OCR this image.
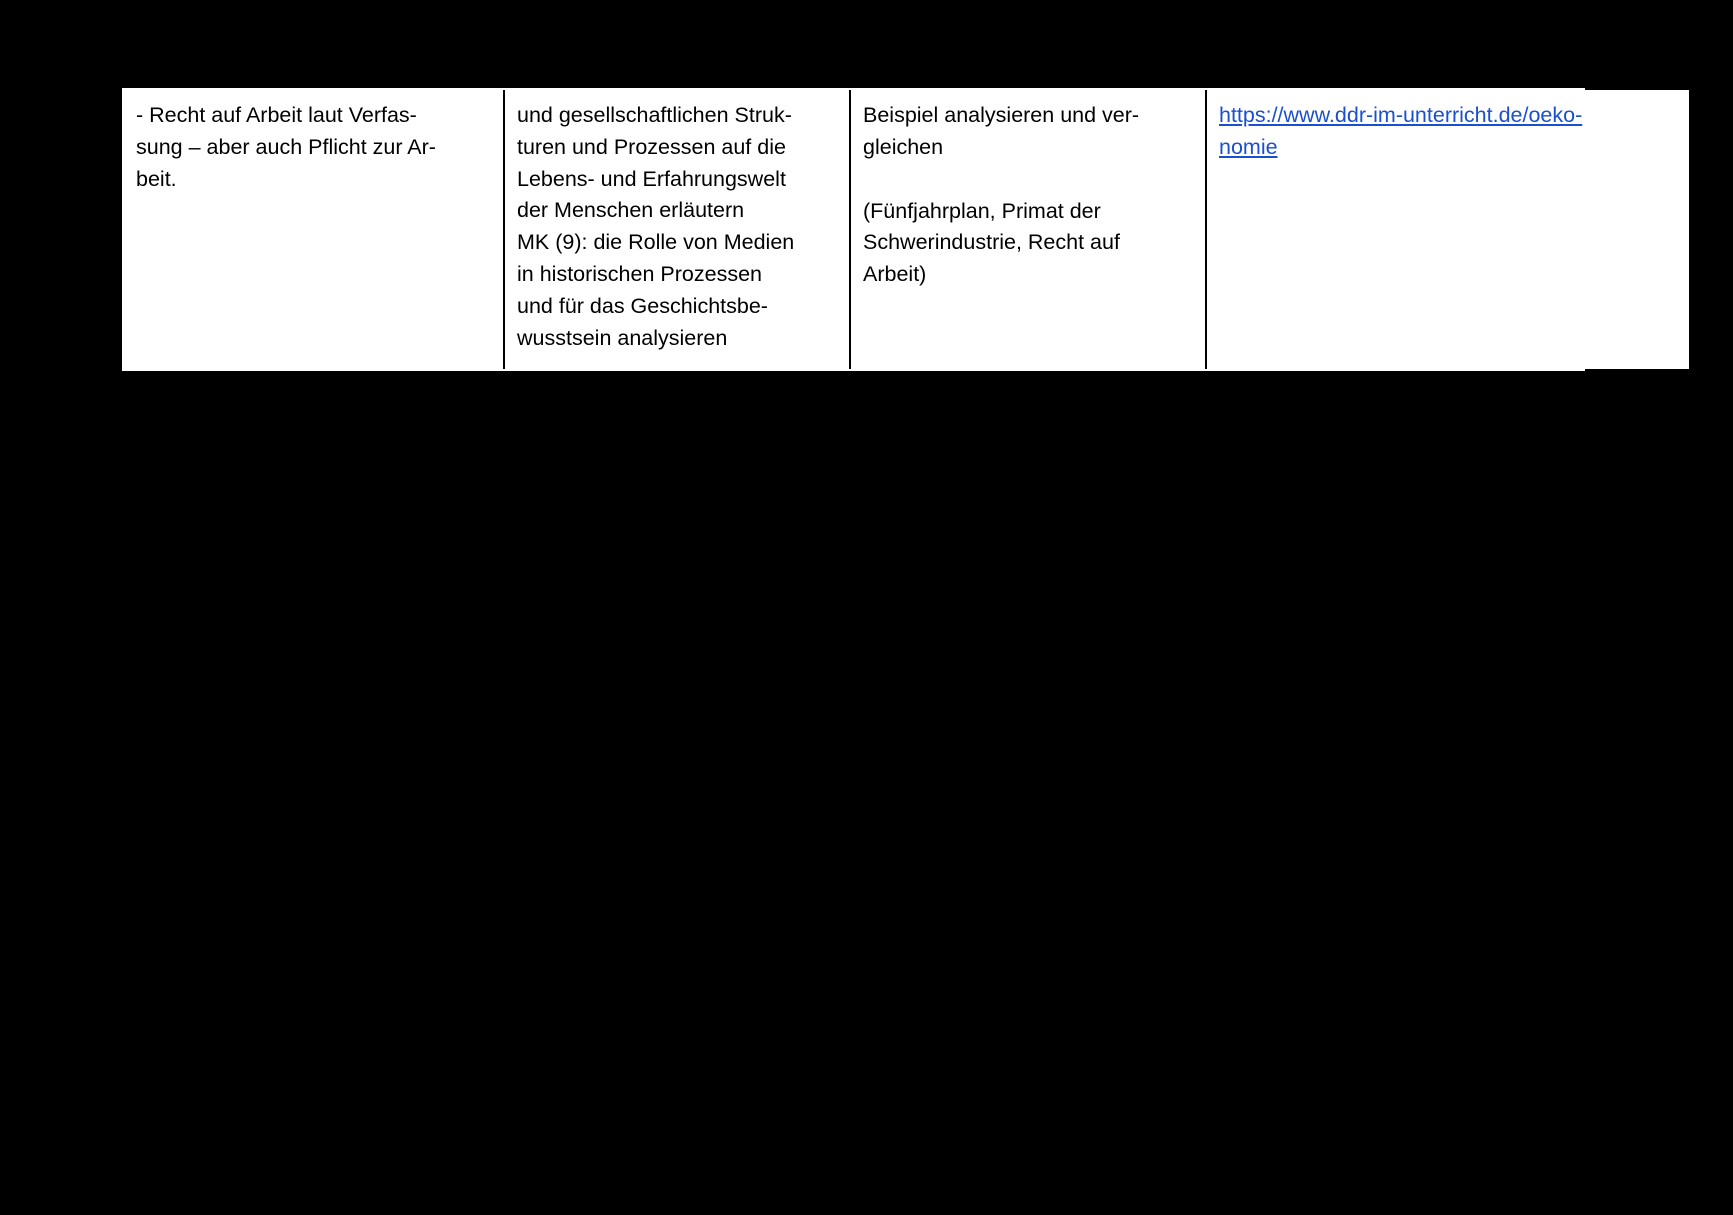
- Recht auf Arbeit laut Verfas-
sung – aber auch Pflicht zur Ar-
beit.

und gesellschaftlichen Struk-
turen und Prozessen auf die
Lebens- und Erfahrungswelt
der Menschen erläutern
MK (9): die Rolle von Medien
in historischen Prozessen
und für das Geschichtsbe-
wusstsein analysieren

Beispiel analysieren und ver-
gleichen
(Fünfjahrplan, Primat der
Schwerindustrie, Recht auf
Arbeit)

https://www.ddr-im-unterricht.de/oeko-
nomie
